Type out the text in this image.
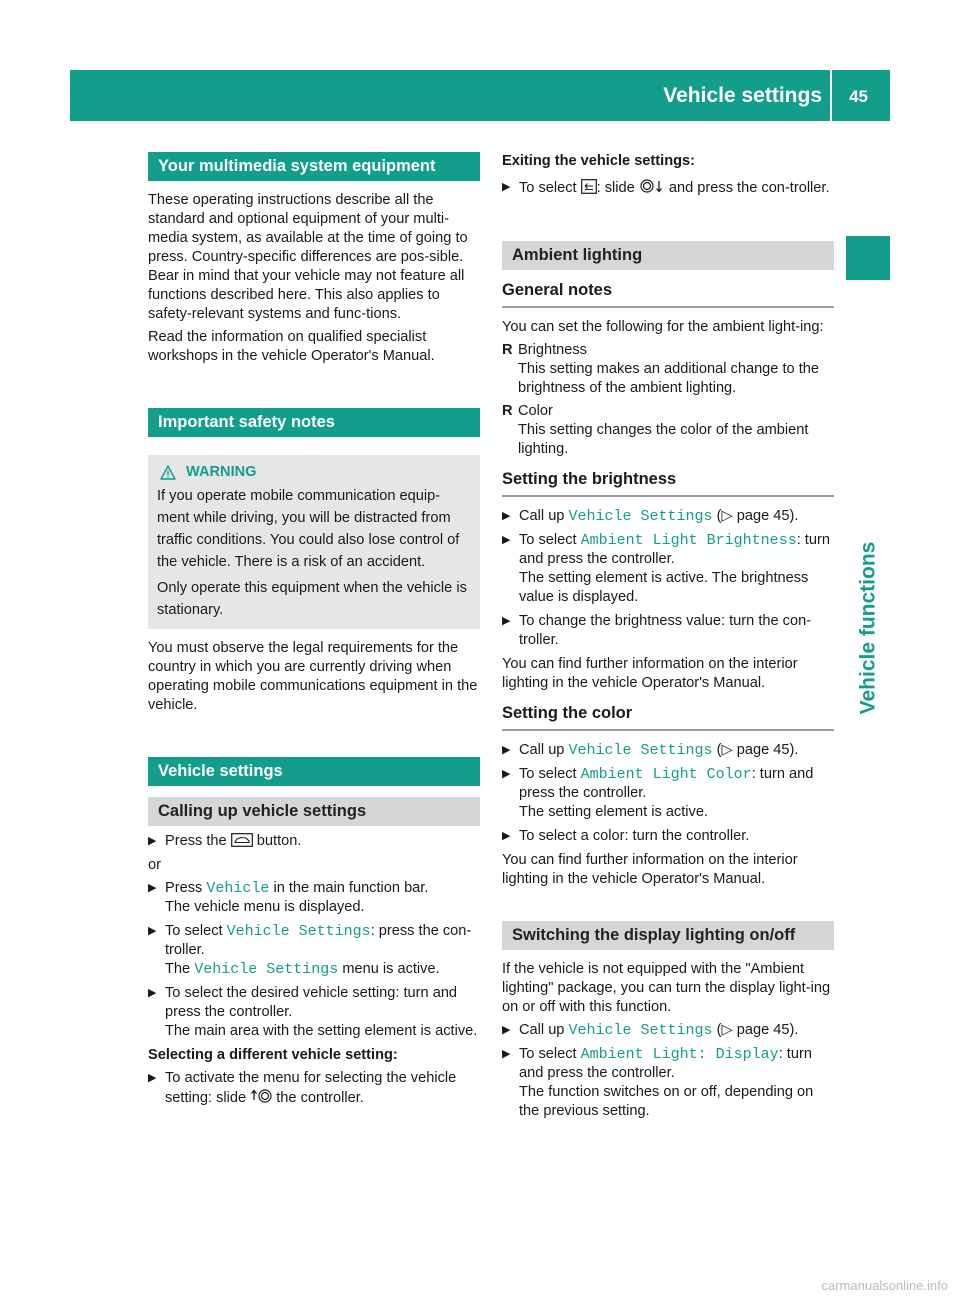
Vehicle settings 45
Vehicle functions
Your multimedia system equipment

These operating instructions describe all the standard and optional equipment of your multi-media system, as available at the time of going to press. Country-specific differences are pos-sible. Bear in mind that your vehicle may not feature all functions described here. This also applies to safety-relevant systems and func-tions.

Read the information on qualified specialist workshops in the vehicle Operator's Manual.

Important safety notes
WARNING

If you operate mobile communication equip-ment while driving, you will be distracted from traffic conditions. You could also lose control of the vehicle. There is a risk of an accident.

Only operate this equipment when the vehicle is stationary.

You must observe the legal requirements for the country in which you are currently driving when operating mobile communications equipment in the vehicle.

Vehicle settings
Calling up vehicle settings
▶ Press the button.

or

▶ Press Vehicle in the main function bar.
The vehicle menu is displayed.
▶ To select Vehicle Settings: press the con-troller.
The Vehicle Settings menu is active.
▶ To select the desired vehicle setting: turn and press the controller.
The main area with the setting element is active.

Selecting a different vehicle setting:

▶ To activate the menu for selecting the vehicle setting: slide the controller.

Exiting the vehicle settings:

▶ To select : slide and press the con-troller.
Ambient lighting
General notes

You can set the following for the ambient light-ing:

R Brightness
This setting makes an additional change to the brightness of the ambient lighting.
R Color
This setting changes the color of the ambient lighting.
Setting the brightness
▶ Call up Vehicle Settings (▷ page 45).
▶ To select Ambient Light Brightness: turn and press the controller.
The setting element is active. The brightness value is displayed.
▶ To change the brightness value: turn the con-troller.

You can find further information on the interior lighting in the vehicle Operator's Manual.

Setting the color
▶ Call up Vehicle Settings (▷ page 45).
▶ To select Ambient Light Color: turn and press the controller.
The setting element is active.
▶ To select a color: turn the controller.

You can find further information on the interior lighting in the vehicle Operator's Manual.

Switching the display lighting on/off

If the vehicle is not equipped with the "Ambient lighting" package, you can turn the display light-ing on or off with this function.

▶ Call up Vehicle Settings (▷ page 45).
▶ To select Ambient Light: Display: turn and press the controller.
The function switches on or off, depending on the previous setting.
carmanualsonline.info
